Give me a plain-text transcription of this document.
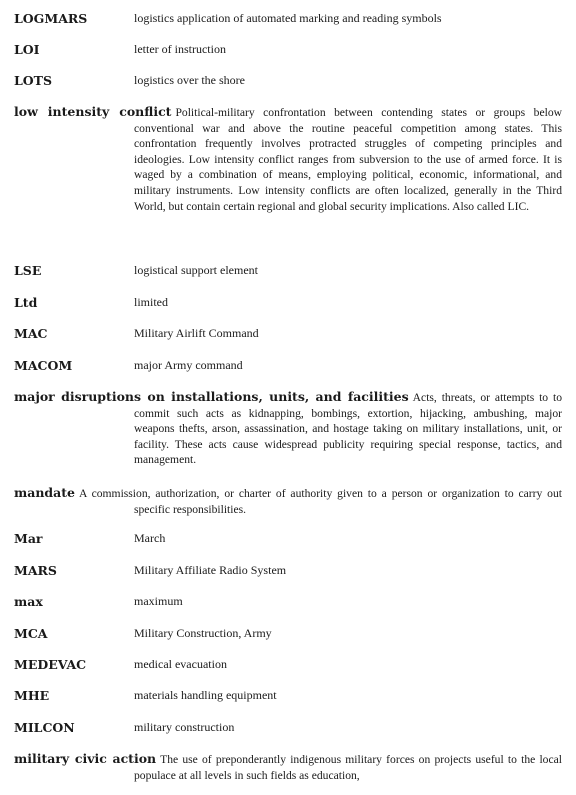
LOGMARS	logistics application of automated marking and reading symbols
LOI	letter of instruction
LOTS	logistics over the shore
low intensity conflict Political-military confrontation between contending states or groups below conventional war and above the routine peaceful competition among states. This confrontation frequently involves protracted struggles of competing principles and ideologies. Low intensity conflict ranges from subversion to the use of armed force. It is waged by a combination of means, employing political, economic, informational, and military instruments. Low intensity conflicts are often localized, generally in the Third World, but contain certain regional and global security implications. Also called LIC.
LSE	logistical support element
Ltd	limited
MAC	Military Airlift Command
MACOM	major Army command
major disruptions on installations, units, and facilities Acts, threats, or attempts to to commit such acts as kidnapping, bombings, extortion, hijacking, ambushing, major weapons thefts, arson, assassination, and hostage taking on military installations, unit, or facility. These acts cause widespread publicity requiring special response, tactics, and management.
mandate A commission, authorization, or charter of authority given to a person or organization to carry out specific responsibilities.
Mar	March
MARS	Military Affiliate Radio System
max	maximum
MCA	Military Construction, Army
MEDEVAC	medical evacuation
MHE	materials handling equipment
MILCON	military construction
military civic action The use of preponderantly indigenous military forces on projects useful to the local populace at all levels in such fields as education,
